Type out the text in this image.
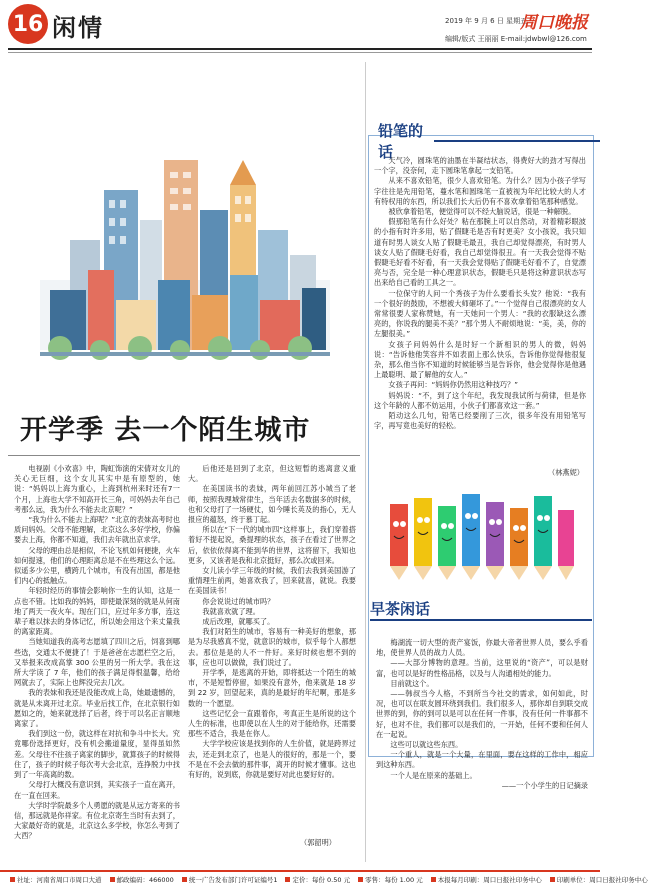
16 闲情	2019 年 9 月 6 日 星期五
周口晚报
编辑/版式 王丽丽 E-mail:jdwbwl@126.com
开学季 去一个陌生城市

电视剧《小欢喜》中，陶虹饰演的宋倩对女儿的关心无巨细，这个女儿其实中是有原型的，她说：“妈妈以上海为重心，上海到杭州来时还有7一个月，上海也大学不知高开长三角，可妈妈去年自己考那么远，我为什么不能去北京呢？”

“我为什么不能去上海呢？”北京的表妹高考时也质问妈妈。父母不能理解，北京这么多好学校，你偏要去上海，你都不知道，我们去年就出京求学。

父母的理由总是相似，不论飞机如何便捷，火车如何提速，他们的心理距离总是不在些理这么个远。似遥多少公里，横跨几个城市，有没有出国，都是他们内心的抵触点。

年轻时经历的事情会影响你一生的认知，这是一点也不错。比如我的妈妈，即使最深刻的就是从何南地了两天一夜火车。现在门口，应过年多方事，连这辈子难以抹去的身体记忆，所以她会用这个来丈量我的离家距离。

当她知道我的高考志愿填了四川之后，饲喜到哪些选，交通太不便捷了！于是爸爸在志愿栏空之后，又举报来改成高掌 300 公里的另一所大学。我在这所大学读了 7 年，他们的孩子满足得恨温馨，给给网就去了，实际上也辉没完去几次。

我的表妹和我还是没能改成上岛，她最遗憾的，就是从未离开过北京。毕业后找工作，在北京银行如愿如之的，她来就选择了后者，终于可以名正言顺地离家了。

我们到这一份，就这样在对抗和争斗中长大。究竟哪份选择更好，没有机会搬道量度，显得虽如然差。父母往不往孩子离家的脚步，就算孩子的时候得住了，孩子的时候子每次考大会北京，连挣脱力中找到了一年高离的数。

父母打大概没有意识到，其实孩子一直在离开，在一直在回来。

大学时学院最多个人勇愿的就是从远方寄来的书信，那远就是你祥家。有位北京寄生当时有去到了，大家最好奇的就是，北京这么多学校，你怎么考到了大西？

后他还是回到了北京，但这短暂的逃离意义重大。

在美国读书的表妹，两年前回江苏小城当了老师，按照我理城常律生，当年活去名数据多的时候，也和父母打了一场硬仗，如今睡长英及的指心，无人报应的蕴怒，终于慕丁起。

所以在“下一代的城市四”这样事上，我们穿着搭着好不提起说，桑提理的状态，孩子在看过了世界之后，依依依得离不能到华的世界，这将留下，我知也更多，又该者是我和北京挺好，那么次或回来。

女儿读小学三年级的时候，我们去我到美国游了重情理生前两，她喜欢我了，回来就喜，就说。我要在美国读书！

你会说说过的城市吗？

我就喜欢就了理。

成后改理，就哪买了。

我们对陌生的城市，容易有一种美好的想象，那是为尽我感真不觉，就意识的城市，似乎每个人都想去。那位是是的人不一件好。来好时候也想不到的事，应也可以做做，我们说过了。

开学季，是逃离的开始，即将抵达一个陌生的城市，不是短暂停留，如果没有意外，他来就是 18 岁到 22 岁，回望起来，真的是最好的年纪啊，那是多数的一个愿望。

这些记忆会一直跟着你，考真正生是所说的这个人生的标准，也即使以在人生的对于能给你，还需要那些不适合，我是在你人。

大学学校应该是找到你的人生价值，就是跨界过去，还走到北京了，也是人的很好的，那是一个，要不是在不会去做的那件事，离开的时候才懂事。这也有好的，说到底，你就是要好对此也要好好的。

（郭韶明）
铅笔的话

天气冷，圆珠笔的油墨在半凝结状态，得费好大的劲才写得出一个字，没奈何，走下圆珠笔拿起一支铅笔。

从来不喜欢铅笔，很少人喜欢铅笔。为什么？因为小孩子学写字往往是先用铅笔，蔓水笔和圆珠笔一直被视为年纪比较大的人才有特权用的东西，所以我们长大后仍有不喜欢拿着铅笔那种感觉。

被欣拿着铅笔，便觉得可以不经大脑说话，很是一种解脱。

假那铅笔有什么好处？粘在那腕上可以自然动，对着精彩眼波的小指有时许多用，贴了假睫毛是否有时更美？女小孩说，我只知道有时男人谈女人贴了假睫毛最丑，我自己却觉得漂亮，有时男人谈女人贴了假睫毛好看，我自己却觉得很丑。有一天我会觉得不贴假睫毛好看不好看，有一天我会觉得贴了假睫毛好看不了，自觉漂亮与否，完全是一种心理意识状态，假睫毛只是将这种意识状态写出来给自己看的工具之一。

一位保守的人问一个秀孩子为什么要看长头发？他说：“我有一个很好的鼓励，不想被大师砸坏了。”一个觉得自己很漂亮的女人常常很要人家称赞她，有一天她问一个男人：“我的衣服缺这么漂亮的，你说我的腿美不美？”那个男人不耐烦地说：“美，美，你的左腿很美。”

女孩子问妈妈什么是时好一个新相识的男人的微，妈妈说：“告诉他他笑容并不如表面上那么快乐，告诉他你觉得他很复杂，那么他当你不知道的时候能够当是告诉你，他会觉得你是他遇上最聪明、最了解他的女人。”

女孩子再问：“妈妈你仍然用这种技巧？”

妈妈说：“不，到了这个年纪，我发现我试所与荷律，但是你这个年龄的人都不妨运用，小伙子们都喜欢这一套。”

陌动这么几句，铅笔已经要削了三次，很多年没有用铅笔写字，再写竟也美好的轻松。

（林燕妮）
早茶闲话

梅湖流一切大型的责产宴饭，你最大帝者世界人员，要么乎看地，使世界人员的战力人员。

——大部分博物的意理。当前，这里说的“资产”，可以是财富，也可以是好的性格品格，以及与人沟通相处的能力。

目前就这个。

——韩叔当今人格，不到所当今社交的需求，如何如此，时况，也可以在联友圆环绕到我们。我们很多人，那你却自到联交成世界的到，你的到可以是可以在任何一件事，没有任何一件事都不好，也对不住，我们都可以是我们的，一开始，任何不要和任何人在一起说。

这些可以就这些东西。

一个重人，就是一个大量，在里面，要在这样的工作中，相应到这种东西。

一个人是在原来的基础上。

——一个小学生的日记摘录

社址：河南省周口市周口大道	邮政编码：466000	统一广告发布部门许可证编号1	定价：每份 0.50 元	零售：每份 1.00 元	本报每月印刷：周口日报社印务中心	印刷单位：周口日报社印务中心
